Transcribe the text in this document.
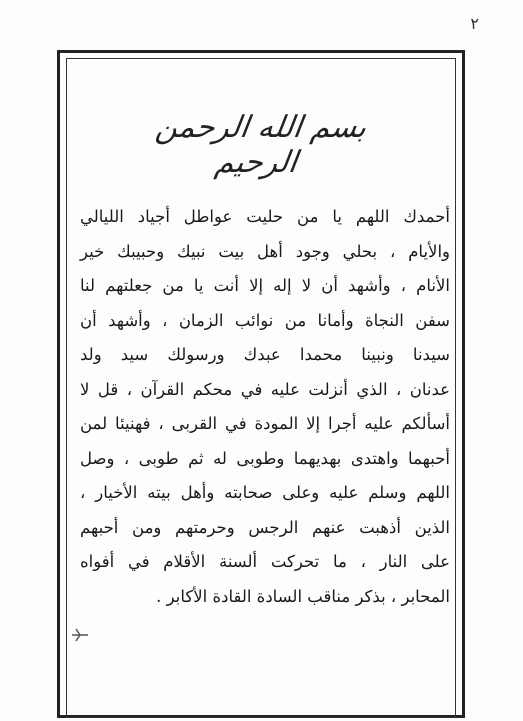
٢
بسم الله الرحمن الرحيم
أحمدك اللهم يا من حليت عواطل أجياد الليالي
والأيام ، بحلي وجود أهل بيت نبيك وحبيبك خير
الأنام ، وأشهد أن لا إله إلا أنت يا من جعلتهم لنا
سفن النجاة وأمانا من نوائب الزمان ، وأشهد أن
سيدنا ونبينا محمدا عبدك ورسولك سيد ولد
عدنان ، الذي أنزلت عليه في محكم القرآن ، قل لا
أسألكم عليه أجرا إلا المودة في القربى ، فهنيئا لمن
أحبهما واهتدى بهديهما وطوبى له ثم طوبى ، وصل
اللهم وسلم عليه وعلى صحابته وأهل بيته الأخيار ،
الذين أذهبت عنهم الرجس وحرمتهم ومن أحبهم
على النار ، ما تحركت ألسنة الأقلام في أفواه
المحابر ، بذكر مناقب السادة القادة الأكابر .
